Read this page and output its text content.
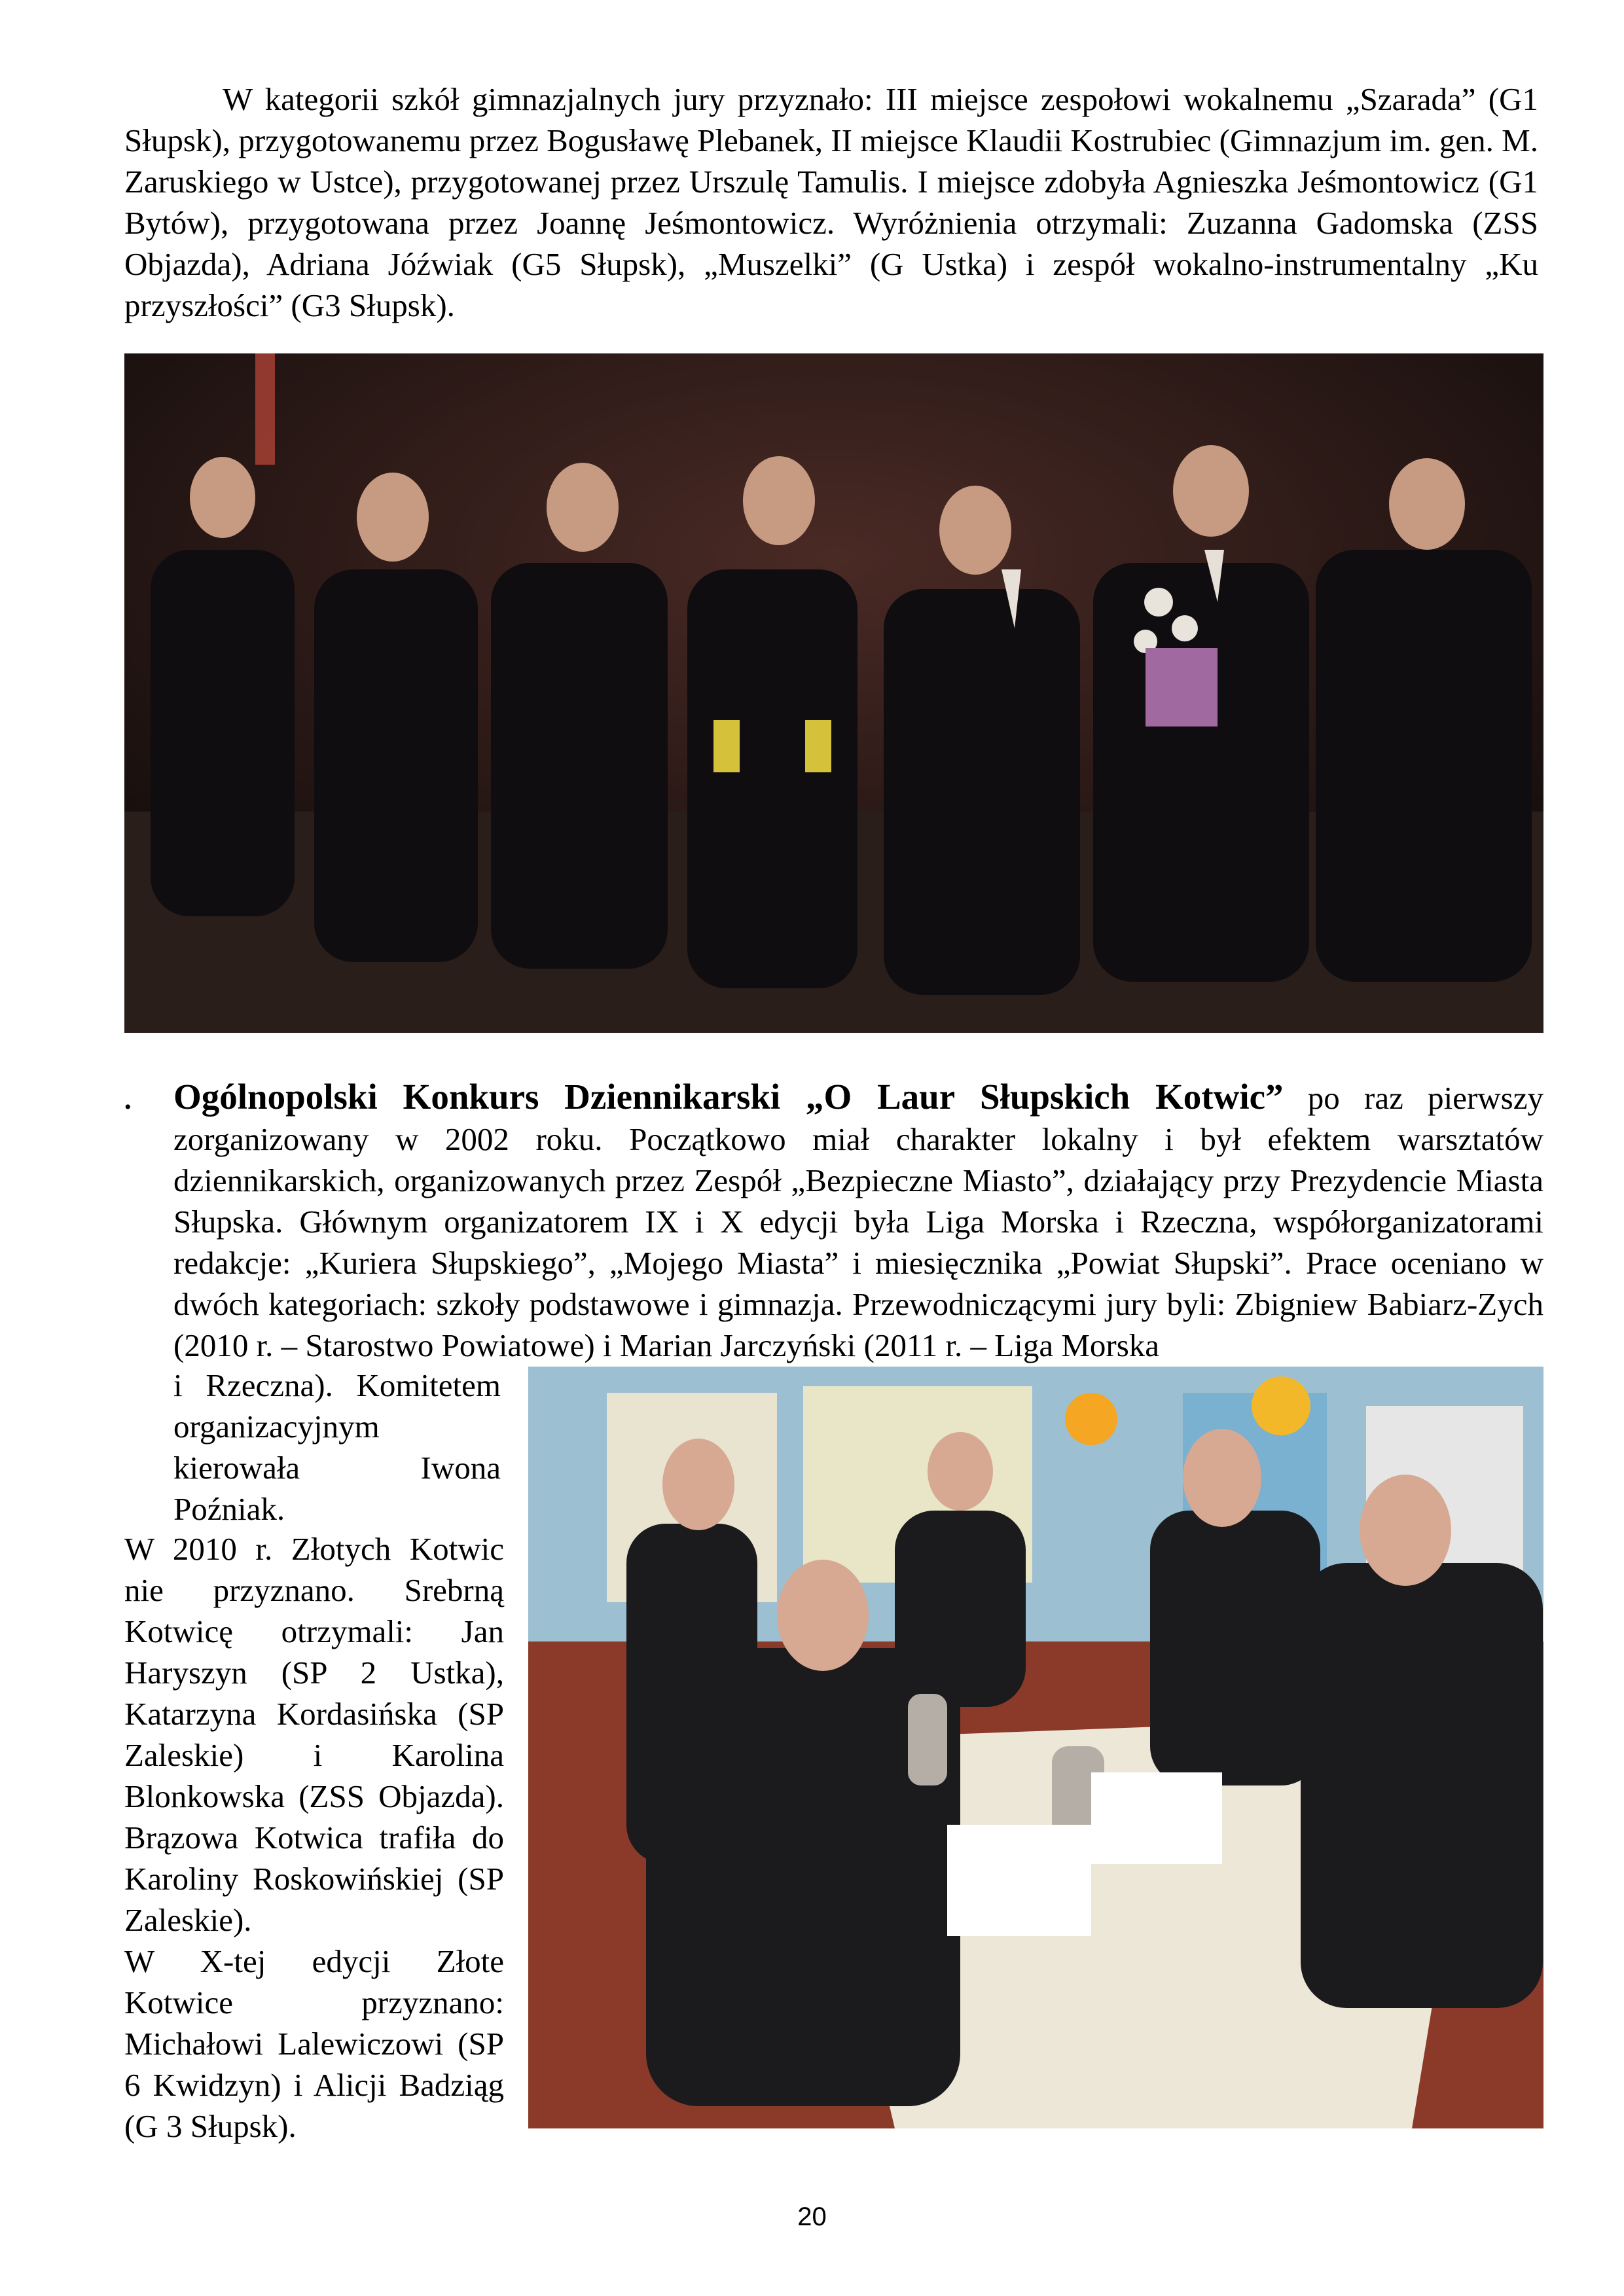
W kategorii szkół gimnazjalnych jury przyznało: III miejsce zespołowi wokalnemu „Szarada” (G1 Słupsk), przygotowanemu przez Bogusławę Plebanek, II miejsce Klaudii Kostrubiec (Gimnazjum im. gen. M. Zaruskiego w Ustce), przygotowanej przez Urszulę Tamulis. I miejsce zdobyła Agnieszka Jeśmontowicz (G1 Bytów), przygotowana przez Joannę Jeśmontowicz. Wyróżnienia otrzymali: Zuzanna Gadomska (ZSS Objazda), Adriana Jóźwiak (G5 Słupsk), „Muszelki” (G Ustka) i zespół wokalno-instrumentalny „Ku przyszłości” (G3 Słupsk).

• Ogólnopolski Konkurs Dziennikarski „O Laur Słupskich Kotwic” po raz pierwszy zorganizowany w 2002 roku. Początkowo miał charakter lokalny i był efektem warsztatów dziennikarskich, organizowanych przez Zespół „Bezpieczne Miasto”, działający przy Prezydencie Miasta Słupska. Głównym organizatorem IX i X edycji była Liga Morska i Rzeczna, współorganizatorami redakcje: „Kuriera Słupskiego”, „Mojego Miasta” i miesięcznika „Powiat Słupski”. Prace oceniano w dwóch kategoriach: szkoły podstawowe i gimnazja. Przewodniczącymi jury byli: Zbigniew Babiarz-Zych (2010 r. – Starostwo Powiatowe) i Marian Jarczyński (2011 r. – Liga Morska

i Rzeczna). Komitetem organizacyjnym kierowała Iwona Poźniak.

W 2010 r. Złotych Kotwic nie przyznano. Srebrną Kotwicę otrzymali: Jan Haryszyn (SP 2 Ustka), Katarzyna Kordasińska (SP Zaleskie) i Karolina Blonkowska (ZSS Objazda). Brązowa Kotwica trafiła do Karoliny Roskowińskiej (SP Zaleskie).

W X-tej edycji Złote Kotwice przyznano: Michałowi Lalewiczowi (SP 6 Kwidzyn) i Alicji Badziąg (G 3 Słupsk).

20
